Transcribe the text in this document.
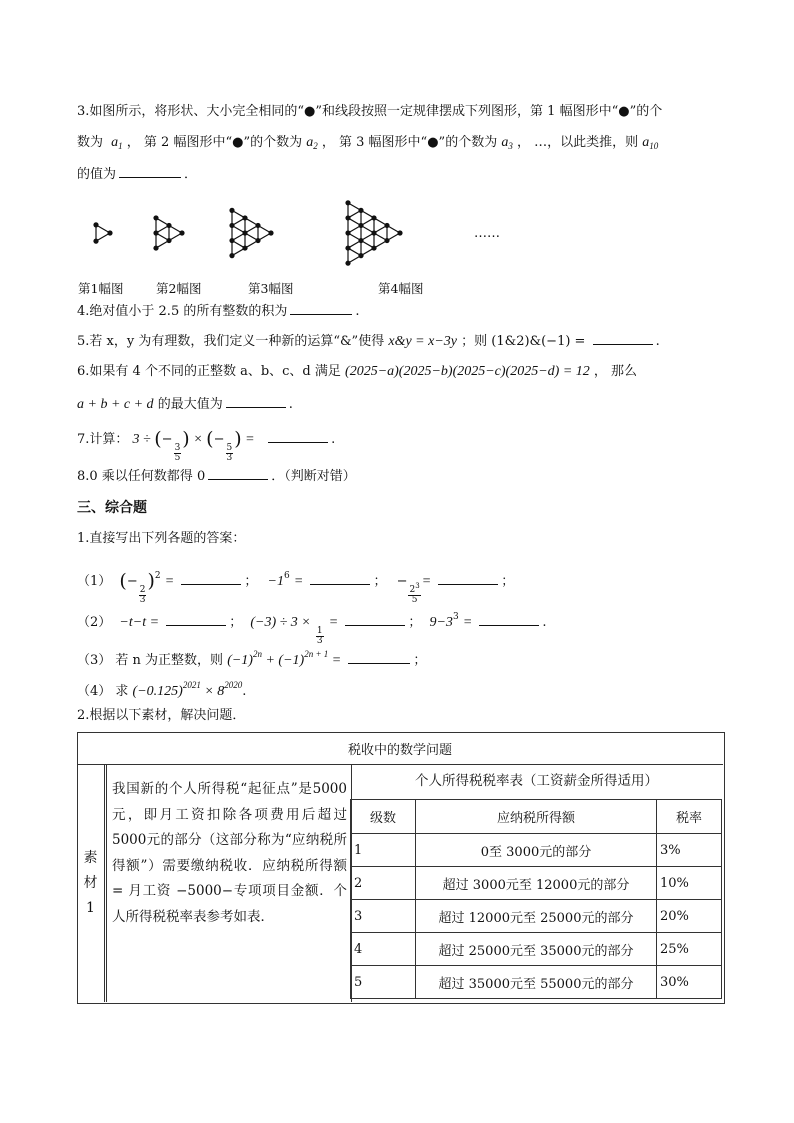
3.如图所示，将形状、大小完全相同的“●”和线段按照一定规律摆成下列图形，第 1 幅图形中“●”的个
数为 $a_1$ ， 第 2 幅图形中“●”的个数为 $a_2$ ， 第 3 幅图形中“●”的个数为 $a_3$ ， …，以此类推，则 $a_{10}$
的值为	．
……
第1幅图	第2幅图	第3幅图	第4幅图
4.绝对值小于 2.5 的所有整数的积为	.
5.若 x，y 为有理数，我们定义一种新的运算“&”使得 x&y = x−3y ；则 (1&2)&(−1) =	.
6.如果有 4 个不同的正整数 a、b、c、d 满足 (2025−a)(2025−b)(2025−c)(2025−d) = 12 ， 那么
a + b + c + d 的最大值为	.
7.计算： 3 ÷ (−
$\frac{3}{5}$
) × (−
$\frac{5}{3}$
) =	.
8.0 乘以任何数都得 0	．（判断对错）
三、综合题
1.直接写出下列各题的答案：
（1） (−
$\frac{2}{3}$
)$^2$ =	； $-1^6$ =	； −
$\frac{2^3}{5}$
=	；
（2） −t−t =	； (−3) ÷ 3 ×
$\frac{1}{3}$
=	； $9-3^3$ =	.
（3） 若 n 为正整数，则 $(-1)^{2n} + (-1)^{2n + 1}$ =	；
（4） 求 $(-0.125)^{2021} \times 8^{2020}$.
2.根据以下素材，解决问题．
税收中的数学问题
素材1

我国新的个人所得税“起征点”是5000元，即月工资扣除各项费用后超过 5000元的部分（这部分称为“应纳税所得额”）需要缴纳税收．应纳税所得额 = 月工资 −5000−专项项目金额．个人所得税税率表参考如表．

个人所得税税率表（工资薪金所得适用）
级数	应纳税所得额	税率
1	0至 3000元的部分	3%
2	超过 3000元至 12000元的部分	10%
3	超过 12000元至 25000元的部分	20%
4	超过 25000元至 35000元的部分	25%
5	超过 35000元至 55000元的部分	30%
